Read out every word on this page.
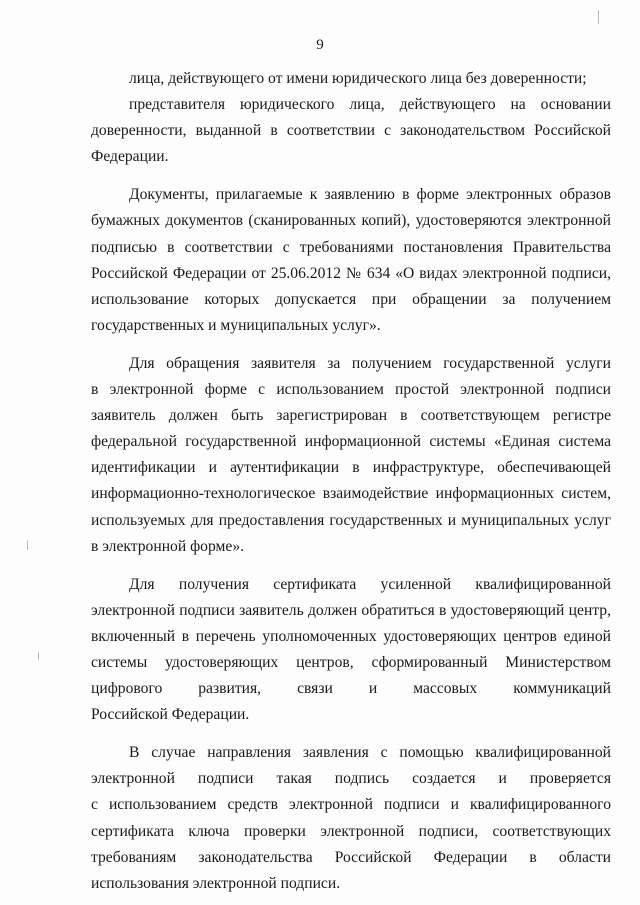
9
лица, действующего от имени юридического лица без доверенности;
представителя юридического лица, действующего на основании
доверенности, выданной в соответствии с законодательством Российской
Федерации.
Документы, прилагаемые к заявлению в форме электронных образов
бумажных документов (сканированных копий), удостоверяются электронной
подписью в соответствии с требованиями постановления Правительства
Российской Федерации от 25.06.2012 № 634 «О видах электронной подписи,
использование которых допускается при обращении за получением
государственных и муниципальных услуг».
Для обращения заявителя за получением государственной услуги
в электронной форме с использованием простой электронной подписи
заявитель должен быть зарегистрирован в соответствующем регистре
федеральной государственной информационной системы «Единая система
идентификации и аутентификации в инфраструктуре, обеспечивающей
информационно-технологическое взаимодействие информационных систем,
используемых для предоставления государственных и муниципальных услуг
в электронной форме».
Для получения сертификата усиленной квалифицированной
электронной подписи заявитель должен обратиться в удостоверяющий центр,
включенный в перечень уполномоченных удостоверяющих центров единой
системы удостоверяющих центров, сформированный Министерством
цифрового развития, связи и массовых коммуникаций
Российской Федерации.
В случае направления заявления с помощью квалифицированной
электронной подписи такая подпись создается и проверяется
с использованием средств электронной подписи и квалифицированного
сертификата ключа проверки электронной подписи, соответствующих
требованиям законодательства Российской Федерации в области
использования электронной подписи.
